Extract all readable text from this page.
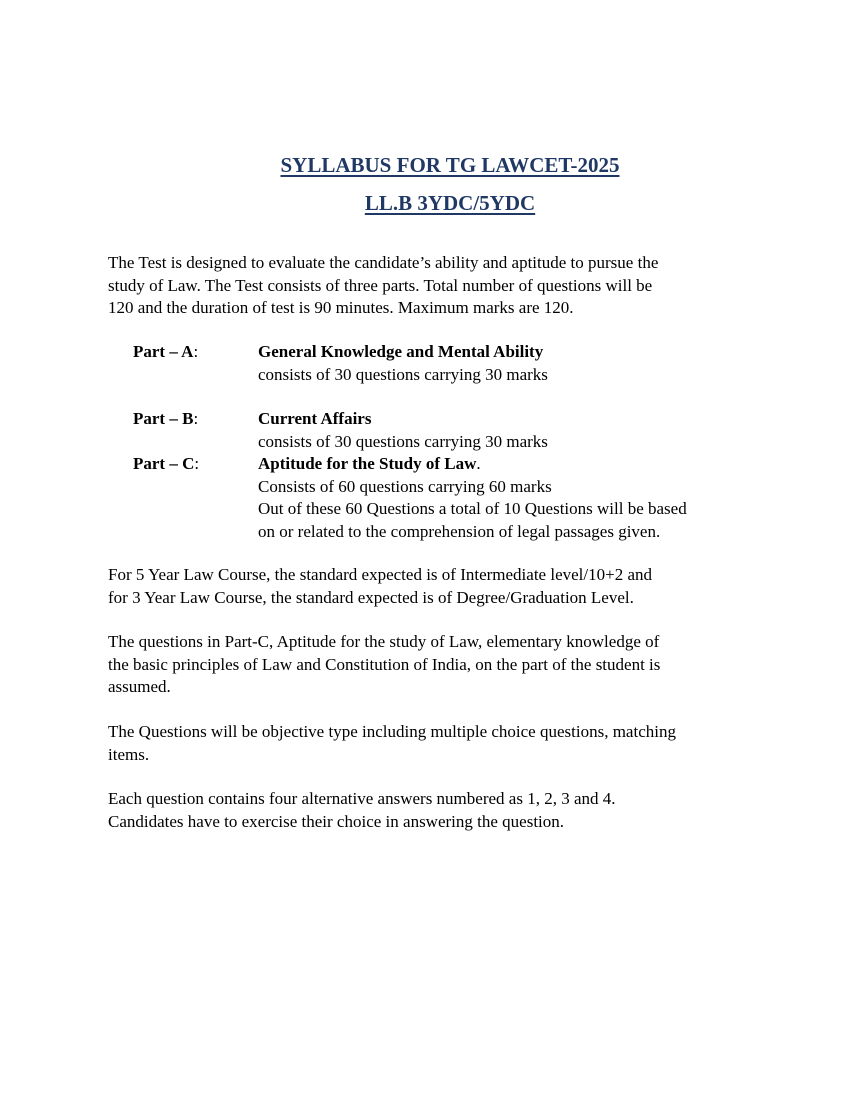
SYLLABUS FOR TG LAWCET-2025
LL.B 3YDC/5YDC

The Test is designed to evaluate the candidate’s ability and aptitude to pursue the
study of Law. The Test consists of three parts. Total number of questions will be
120 and the duration of test is 90 minutes. Maximum marks are 120.

Part – A:	General Knowledge and Mental Ability
consists of 30 questions carrying 30 marks
Part – B:	Current Affairs
consists of 30 questions carrying 30 marks
Part – C:	Aptitude for the Study of Law.
Consists of 60 questions carrying 60 marks
Out of these 60 Questions a total of 10 Questions will be based
on or related to the comprehension of legal passages given.

For 5 Year Law Course, the standard expected is of Intermediate level/10+2 and
for 3 Year Law Course, the standard expected is of Degree/Graduation Level.

The questions in Part-C, Aptitude for the study of Law, elementary knowledge of
the basic principles of Law and Constitution of India, on the part of the student is
assumed.

The Questions will be objective type including multiple choice questions, matching
items.

Each question contains four alternative answers numbered as 1, 2, 3 and 4.
Candidates have to exercise their choice in answering the question.
